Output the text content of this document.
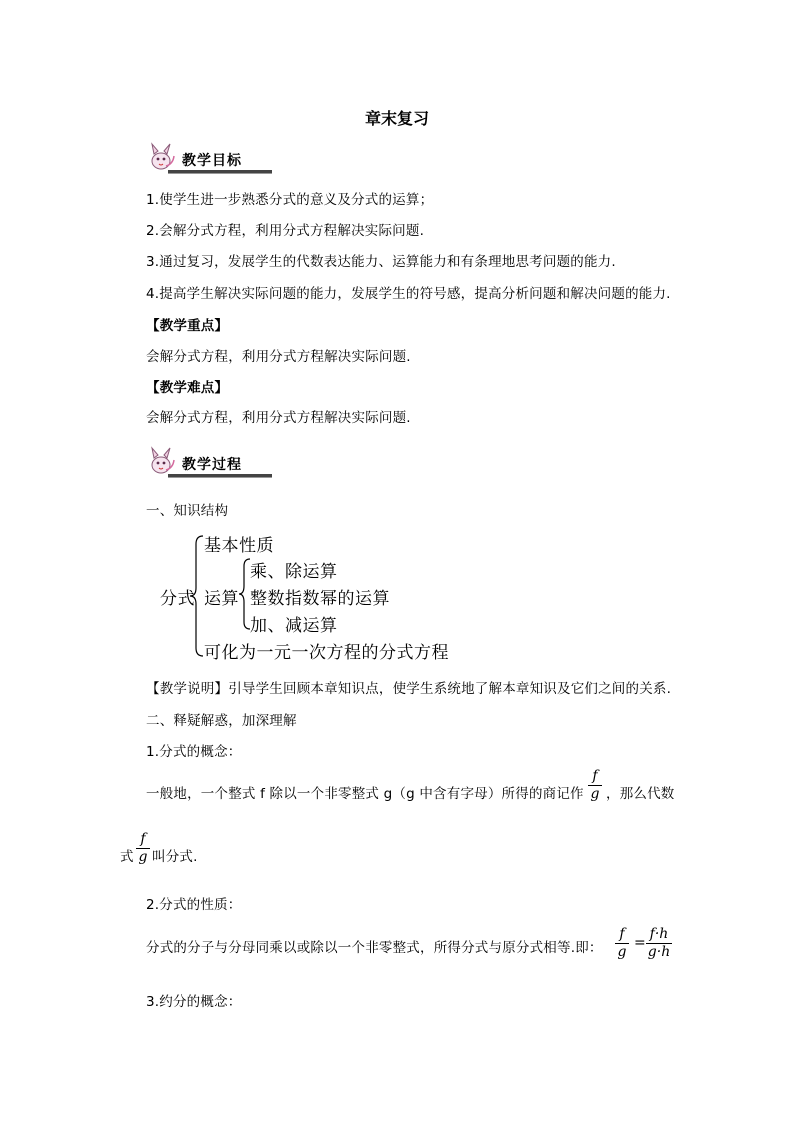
章末复习
教学目标
1.使学生进一步熟悉分式的意义及分式的运算；
2.会解分式方程，利用分式方程解决实际问题.
3.通过复习，发展学生的代数表达能力、运算能力和有条理地思考问题的能力.
4.提高学生解决实际问题的能力，发展学生的符号感，提高分析问题和解决问题的能力.
【教学重点】
会解分式方程，利用分式方程解决实际问题.
【教学难点】
会解分式方程，利用分式方程解决实际问题.
教学过程
一、知识结构
分式
基本性质
运算
乘、除运算
整数指数幂的运算
加、减运算
可化为一元一次方程的分式方程
【教学说明】引导学生回顾本章知识点，使学生系统地了解本章知识及它们之间的关系.
二、释疑解惑，加深理解
1.分式的概念：
一般地，一个整式 f 除以一个非零整式 g（g 中含有字母）所得的商记作
f
g ，那么代数
式
f
g 叫分式.
2.分式的性质：
分式的分子与分母同乘以或除以一个非零整式，所得分式与原分式相等.即：
f
g
=
f·h
g·h
3.约分的概念：
